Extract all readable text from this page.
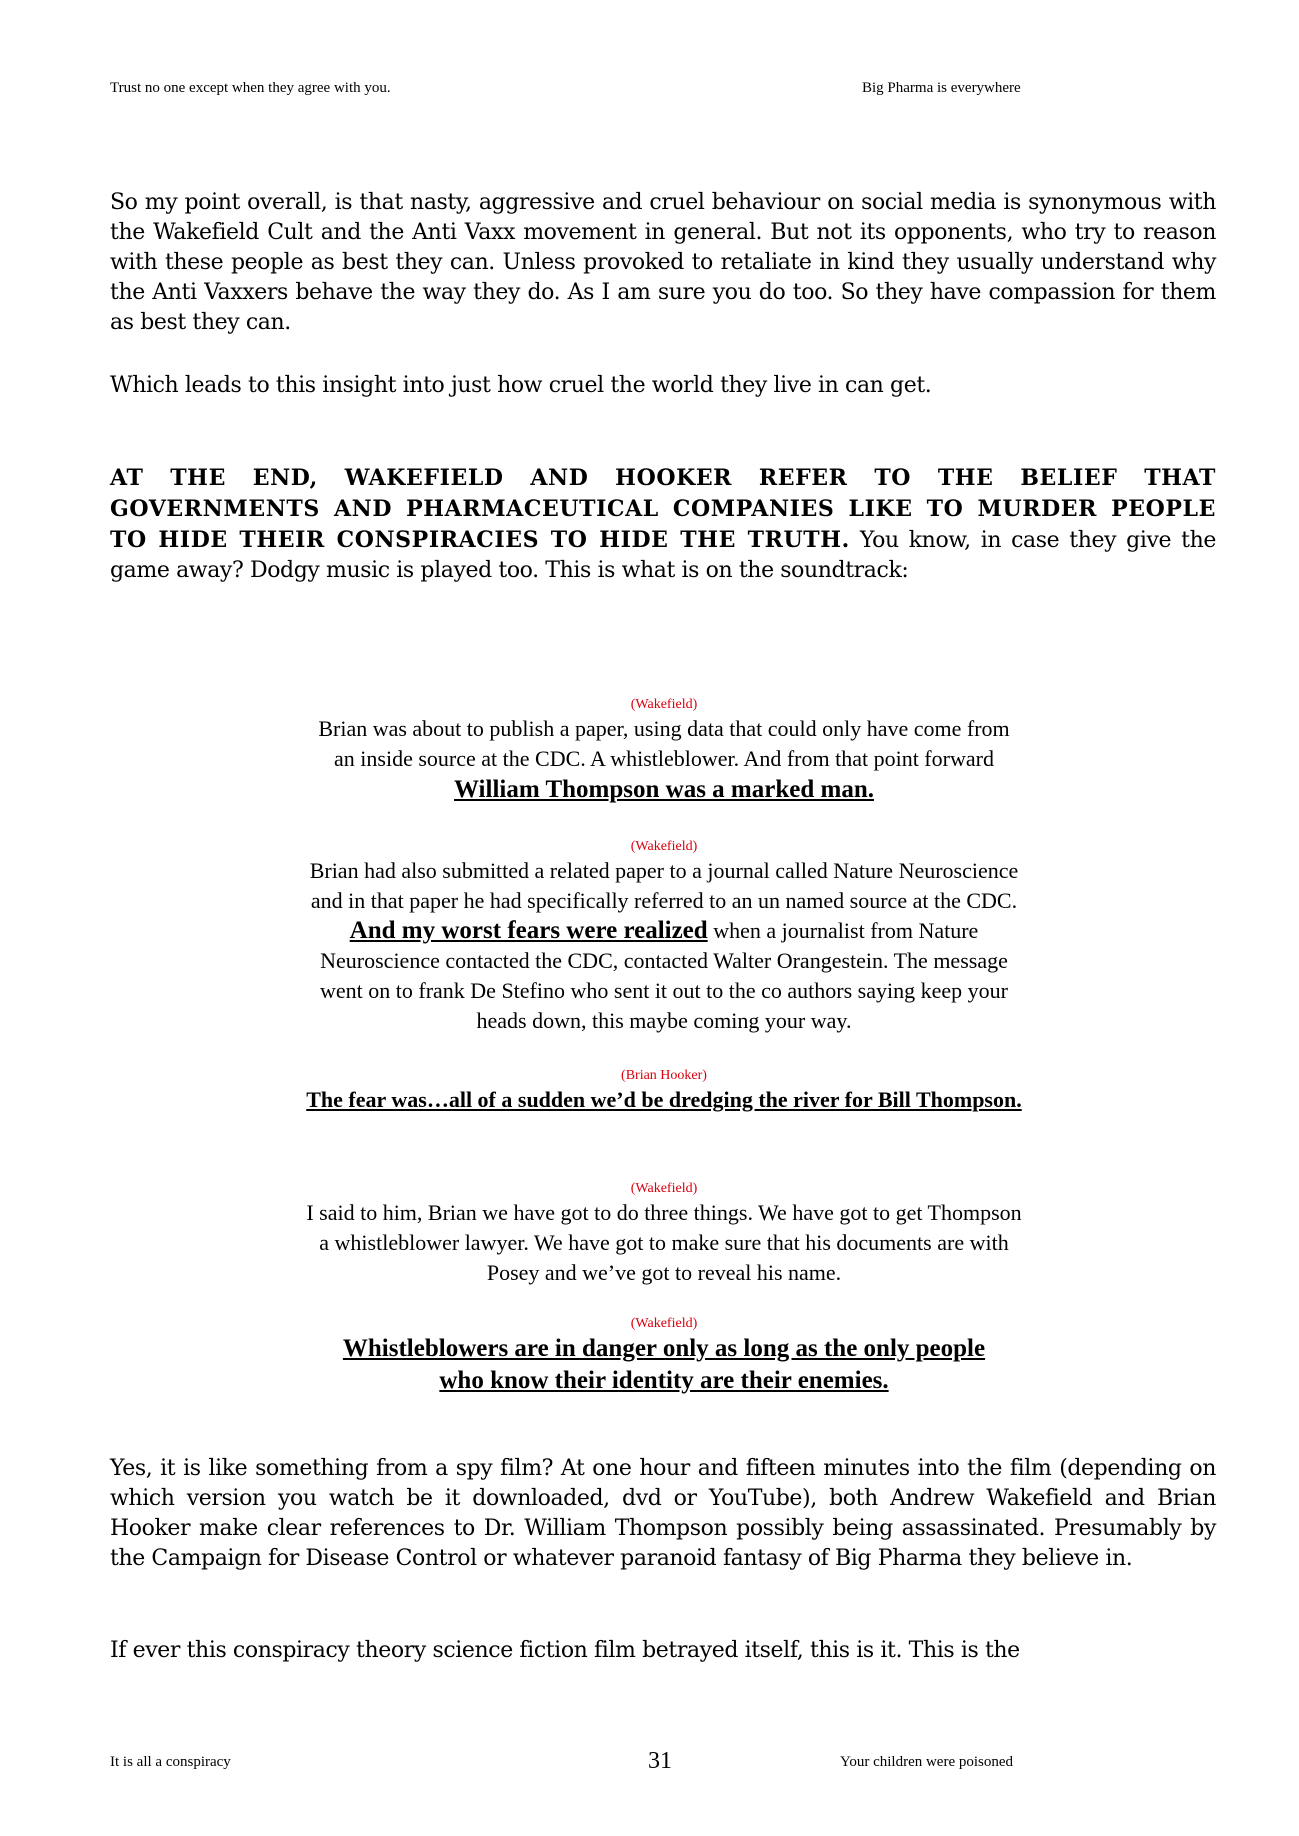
Trust no one except when they agree with you.	Big Pharma is everywhere
So my point overall, is that nasty, aggressive and cruel behaviour on social media is synonymous with the Wakefield Cult and the Anti Vaxx movement in general. But not its opponents, who try to reason with these people as best they can. Unless provoked to retaliate in kind they usually understand why the Anti Vaxxers behave the way they do. As I am sure you do too. So they have compassion for them as best they can.
Which leads to this insight into just how cruel the world they live in can get.
AT THE END, WAKEFIELD AND HOOKER REFER TO THE BELIEF THAT GOVERNMENTS AND PHARMACEUTICAL COMPANIES LIKE TO MURDER PEOPLE TO HIDE THEIR CONSPIRACIES TO HIDE THE TRUTH. You know, in case they give the game away? Dodgy music is played too. This is what is on the soundtrack:
(Wakefield)
Brian was about to publish a paper, using data that could only have come from
an inside source at the CDC. A whistleblower. And from that point forward
William Thompson was a marked man.
(Wakefield)
Brian had also submitted a related paper to a journal called Nature Neuroscience
and in that paper he had specifically referred to an un named source at the CDC.
And my worst fears were realized when a journalist from Nature
Neuroscience contacted the CDC, contacted Walter Orangestein. The message
went on to frank De Stefino who sent it out to the co authors saying keep your
heads down, this maybe coming your way.
(Brian Hooker)
The fear was…all of a sudden we’d be dredging the river for Bill Thompson.
(Wakefield)
I said to him, Brian we have got to do three things. We have got to get Thompson
a whistleblower lawyer. We have got to make sure that his documents are with
Posey and we’ve got to reveal his name.
(Wakefield)
Whistleblowers are in danger only as long as the only people
who know their identity are their enemies.
Yes, it is like something from a spy film? At one hour and fifteen minutes into the film (depending on which version you watch be it downloaded, dvd or YouTube), both Andrew Wakefield and Brian Hooker make clear references to Dr. William Thompson possibly being assassinated. Presumably by the Campaign for Disease Control or whatever paranoid fantasy of Big Pharma they believe in.
If ever this conspiracy theory science fiction film betrayed itself, this is it. This is the
It is all a conspiracy	31	Your children were poisoned
